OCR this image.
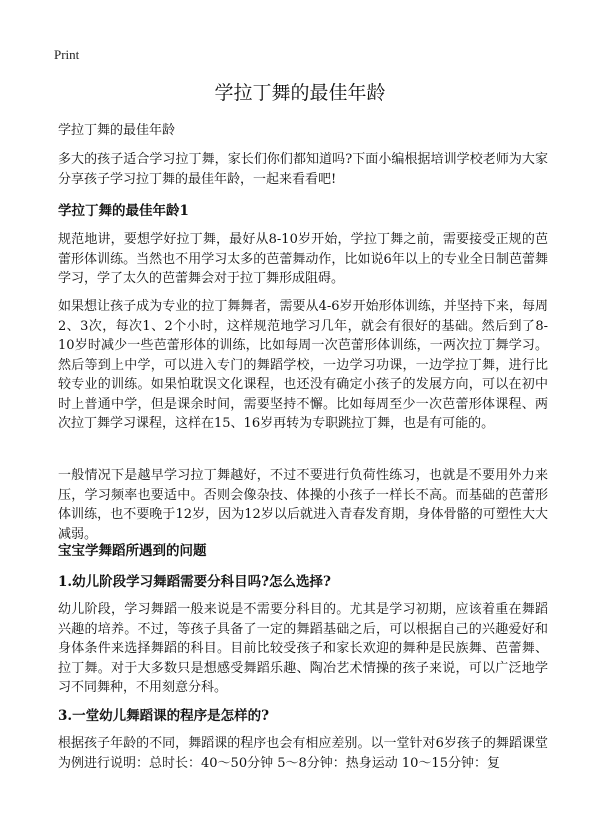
Print
学拉丁舞的最佳年龄

学拉丁舞的最佳年龄

多大的孩子适合学习拉丁舞，家长们你们都知道吗?下面小编根据培训学校老师为大家分享孩子学习拉丁舞的最佳年龄，一起来看看吧!

学拉丁舞的最佳年龄1

规范地讲，要想学好拉丁舞，最好从8-10岁开始，学拉丁舞之前，需要接受正规的芭蕾形体训练。当然也不用学习太多的芭蕾舞动作，比如说6年以上的专业全日制芭蕾舞学习，学了太久的芭蕾舞会对于拉丁舞形成阻碍。

如果想让孩子成为专业的拉丁舞舞者，需要从4-6岁开始形体训练，并坚持下来，每周2、3次，每次1、2个小时，这样规范地学习几年，就会有很好的基础。然后到了8-10岁时减少一些芭蕾形体的训练，比如每周一次芭蕾形体训练，一两次拉丁舞学习。然后等到上中学，可以进入专门的舞蹈学校，一边学习功课，一边学拉丁舞，进行比较专业的训练。如果怕耽误文化课程，也还没有确定小孩子的发展方向，可以在初中时上普通中学，但是课余时间，需要坚持不懈。比如每周至少一次芭蕾形体课程、两次拉丁舞学习课程，这样在15、16岁再转为专职跳拉丁舞，也是有可能的。

一般情况下是越早学习拉丁舞越好，不过不要进行负荷性练习，也就是不要用外力来压，学习频率也要适中。否则会像杂技、体操的小孩子一样长不高。而基础的芭蕾形体训练，也不要晚于12岁，因为12岁以后就进入青春发育期，身体骨骼的可塑性大大减弱。

宝宝学舞蹈所遇到的问题
1.幼儿阶段学习舞蹈需要分科目吗?怎么选择?

幼儿阶段，学习舞蹈一般来说是不需要分科目的。尤其是学习初期，应该着重在舞蹈兴趣的培养。不过，等孩子具备了一定的舞蹈基础之后，可以根据自己的兴趣爱好和身体条件来选择舞蹈的科目。目前比较受孩子和家长欢迎的舞种是民族舞、芭蕾舞、拉丁舞。对于大多数只是想感受舞蹈乐趣、陶冶艺术情操的孩子来说，可以广泛地学习不同舞种，不用刻意分科。

3.一堂幼儿舞蹈课的程序是怎样的?

根据孩子年龄的不同，舞蹈课的程序也会有相应差别。以一堂针对6岁孩子的舞蹈课堂为例进行说明：总时长：40～50分钟 5～8分钟：热身运动 10～15分钟：复
